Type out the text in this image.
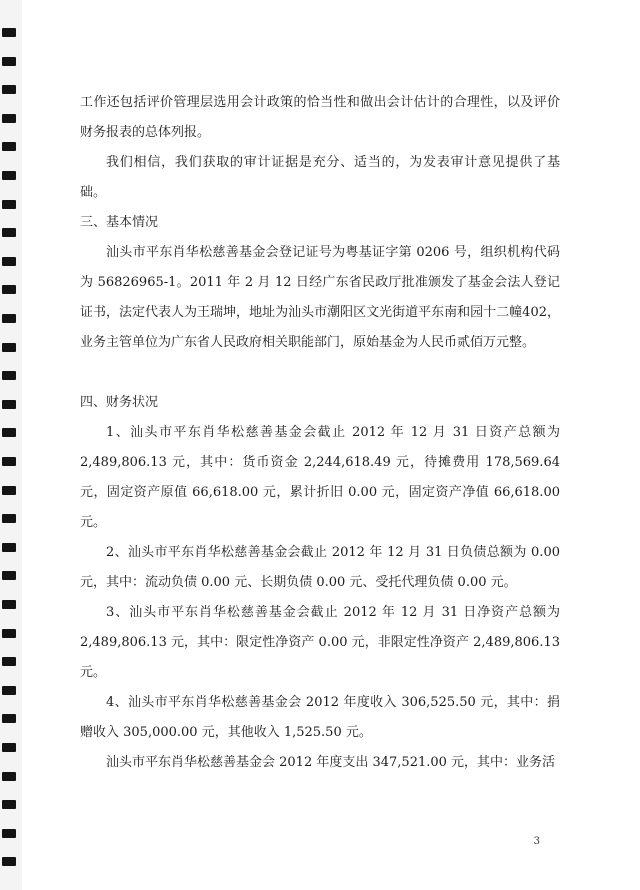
工作还包括评价管理层选用会计政策的恰当性和做出会计估计的合理性，以及评价财务报表的总体列报。

我们相信，我们获取的审计证据是充分、适当的，为发表审计意见提供了基础。

三、基本情况

汕头市平东肖华松慈善基金会登记证号为粤基证字第 0206 号，组织机构代码为 56826965-1。2011 年 2 月 12 日经广东省民政厅批准颁发了基金会法人登记证书，法定代表人为王瑞坤，地址为汕头市潮阳区文光街道平东南和园十二幢402，业务主管单位为广东省人民政府相关职能部门，原始基金为人民币贰佰万元整。

四、财务状况

1、汕头市平东肖华松慈善基金会截止 2012 年 12 月 31 日资产总额为2,489,806.13 元，其中：货币资金 2,244,618.49 元，待摊费用 178,569.64 元，固定资产原值 66,618.00 元，累计折旧 0.00 元，固定资产净值 66,618.00 元。

2、汕头市平东肖华松慈善基金会截止 2012 年 12 月 31 日负债总额为 0.00元，其中：流动负债 0.00 元、长期负债 0.00 元、受托代理负债 0.00 元。

3、汕头市平东肖华松慈善基金会截止 2012 年 12 月 31 日净资产总额为2,489,806.13 元，其中：限定性净资产 0.00 元，非限定性净资产 2,489,806.13元。

4、汕头市平东肖华松慈善基金会 2012 年度收入 306,525.50 元，其中：捐赠收入 305,000.00 元，其他收入 1,525.50 元。

汕头市平东肖华松慈善基金会 2012 年度支出 347,521.00 元，其中：业务活

3
